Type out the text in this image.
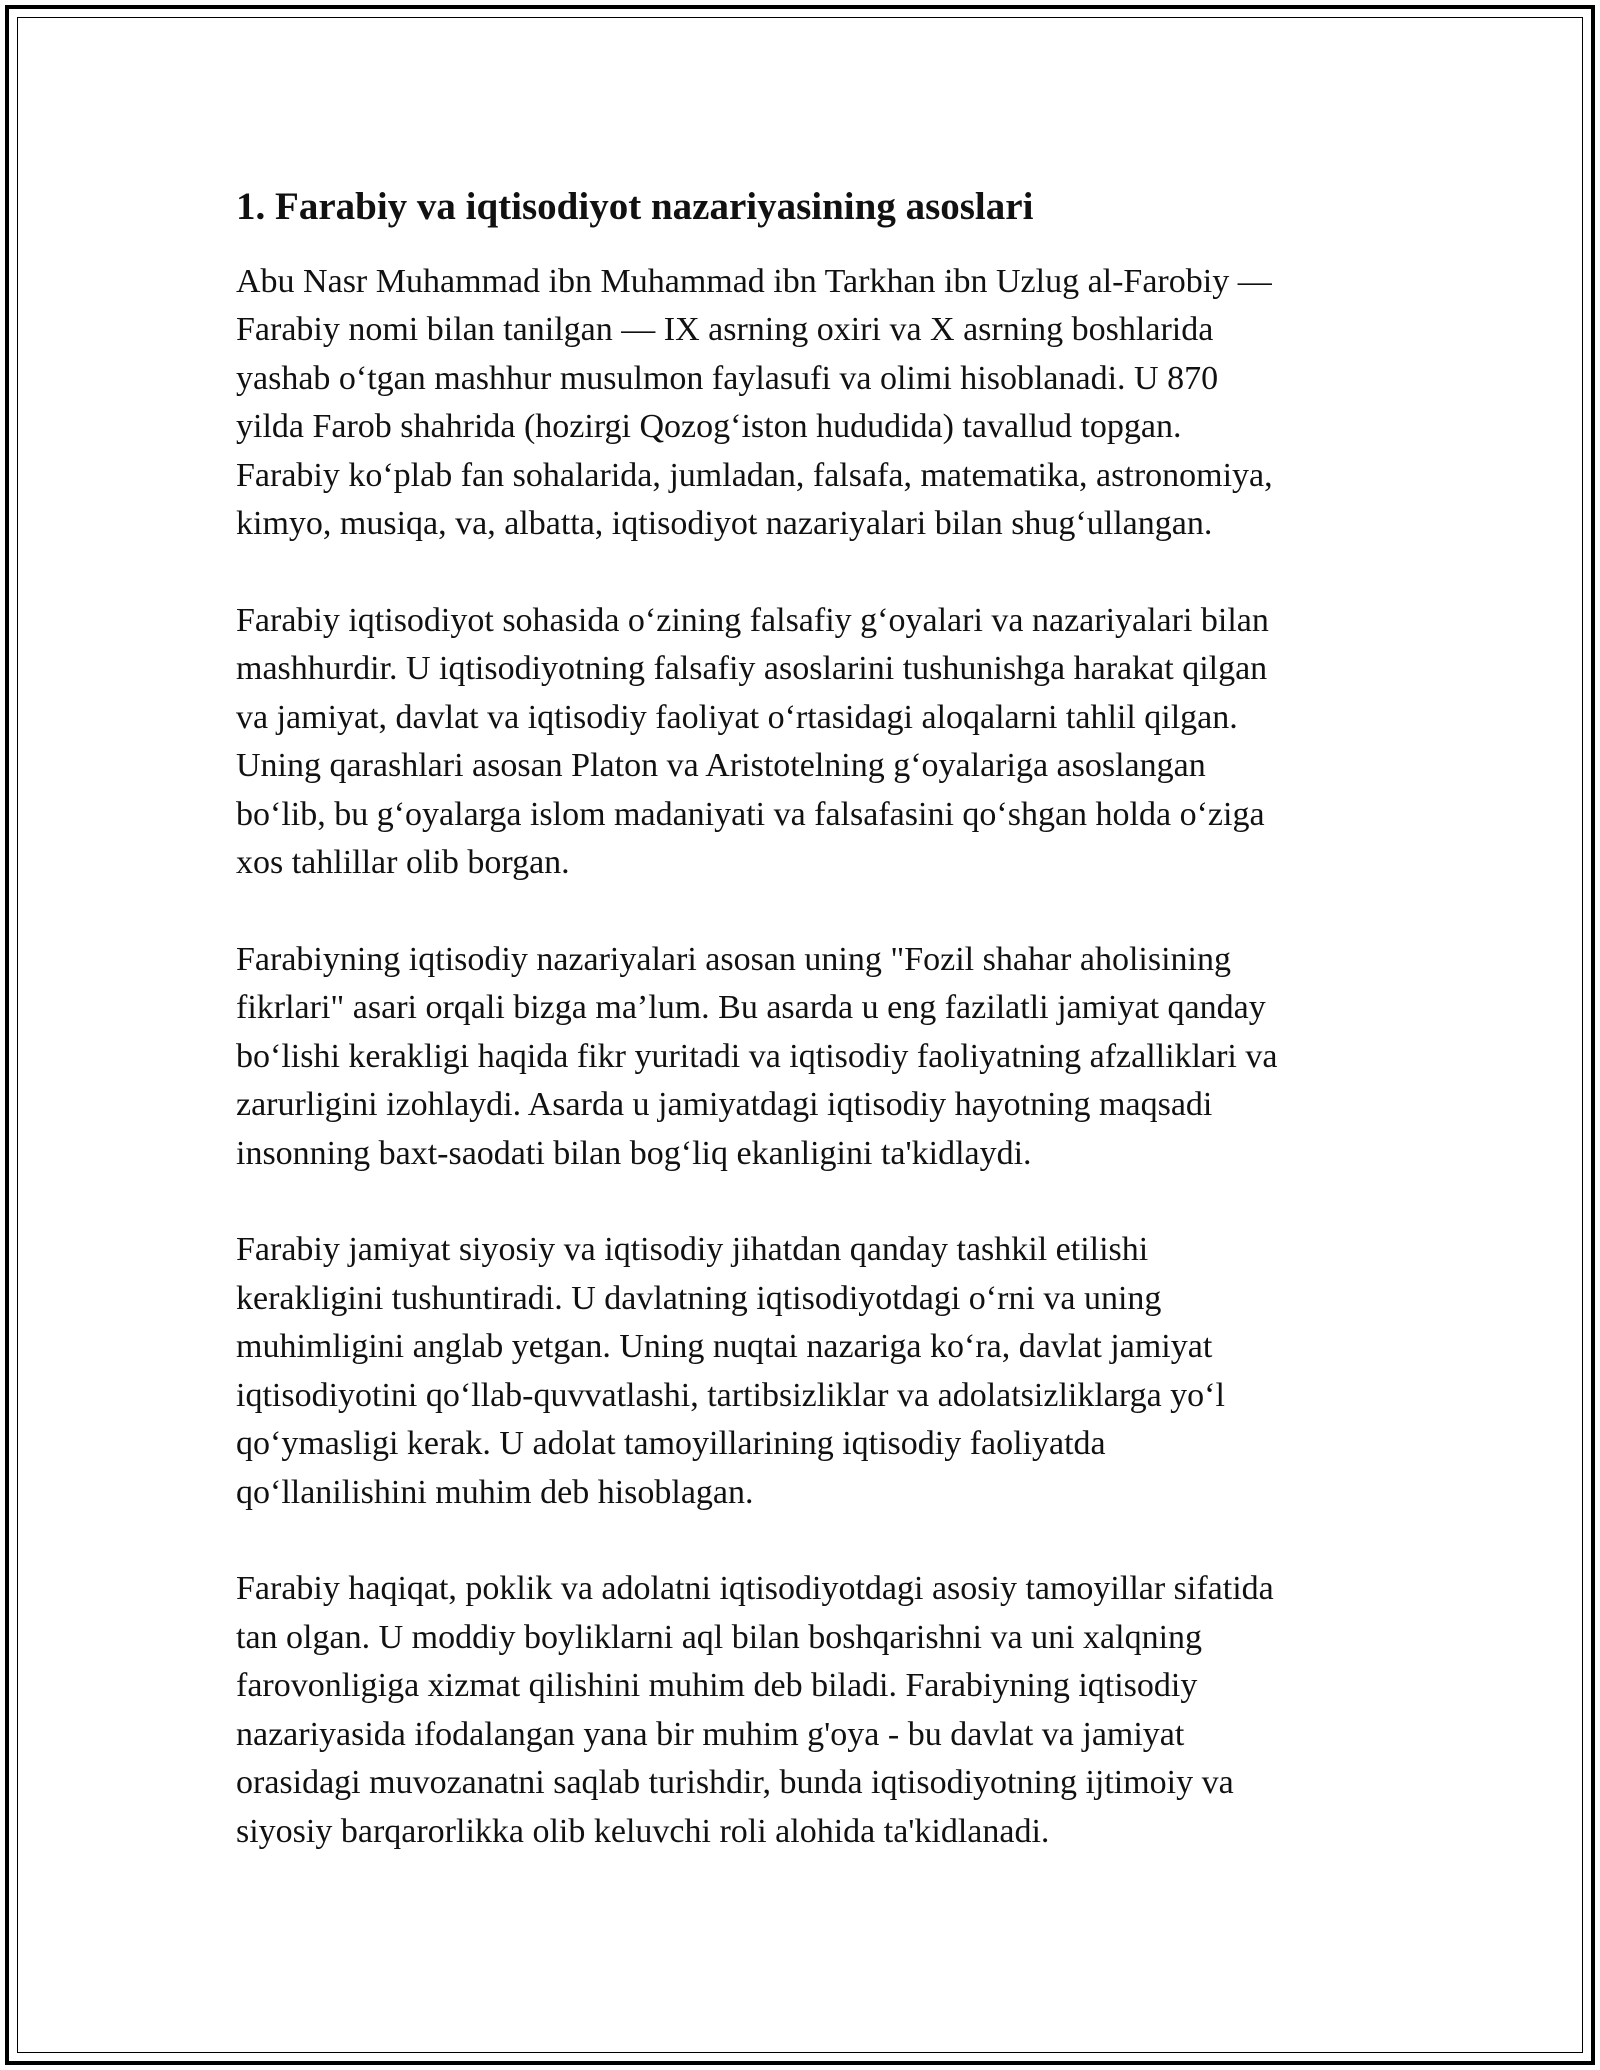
1. Farabiy va iqtisodiyot nazariyasining asoslari

Abu Nasr Muhammad ibn Muhammad ibn Tarkhan ibn Uzlug al-Farobiy —
Farabiy nomi bilan tanilgan — IX asrning oxiri va X asrning boshlarida
yashab o‘tgan mashhur musulmon faylasufi va olimi hisoblanadi. U 870
yilda Farob shahrida (hozirgi Qozog‘iston hududida) tavallud topgan.
Farabiy ko‘plab fan sohalarida, jumladan, falsafa, matematika, astronomiya,
kimyo, musiqa, va, albatta, iqtisodiyot nazariyalari bilan shug‘ullangan.

Farabiy iqtisodiyot sohasida o‘zining falsafiy g‘oyalari va nazariyalari bilan
mashhurdir. U iqtisodiyotning falsafiy asoslarini tushunishga harakat qilgan
va jamiyat, davlat va iqtisodiy faoliyat o‘rtasidagi aloqalarni tahlil qilgan.
Uning qarashlari asosan Platon va Aristotelning g‘oyalariga asoslangan
bo‘lib, bu g‘oyalarga islom madaniyati va falsafasini qo‘shgan holda o‘ziga
xos tahlillar olib borgan.

Farabiyning iqtisodiy nazariyalari asosan uning "Fozil shahar aholisining
fikrlari" asari orqali bizga ma’lum. Bu asarda u eng fazilatli jamiyat qanday
bo‘lishi kerakligi haqida fikr yuritadi va iqtisodiy faoliyatning afzalliklari va
zarurligini izohlaydi. Asarda u jamiyatdagi iqtisodiy hayotning maqsadi
insonning baxt-saodati bilan bog‘liq ekanligini ta'kidlaydi.

Farabiy jamiyat siyosiy va iqtisodiy jihatdan qanday tashkil etilishi
kerakligini tushuntiradi. U davlatning iqtisodiyotdagi o‘rni va uning
muhimligini anglab yetgan. Uning nuqtai nazariga ko‘ra, davlat jamiyat
iqtisodiyotini qo‘llab-quvvatlashi, tartibsizliklar va adolatsizliklarga yo‘l
qo‘ymasligi kerak. U adolat tamoyillarining iqtisodiy faoliyatda
qo‘llanilishini muhim deb hisoblagan.

Farabiy haqiqat, poklik va adolatni iqtisodiyotdagi asosiy tamoyillar sifatida
tan olgan. U moddiy boyliklarni aql bilan boshqarishni va uni xalqning
farovonligiga xizmat qilishini muhim deb biladi. Farabiyning iqtisodiy
nazariyasida ifodalangan yana bir muhim g'oya - bu davlat va jamiyat
orasidagi muvozanatni saqlab turishdir, bunda iqtisodiyotning ijtimoiy va
siyosiy barqarorlikka olib keluvchi roli alohida ta'kidlanadi.
